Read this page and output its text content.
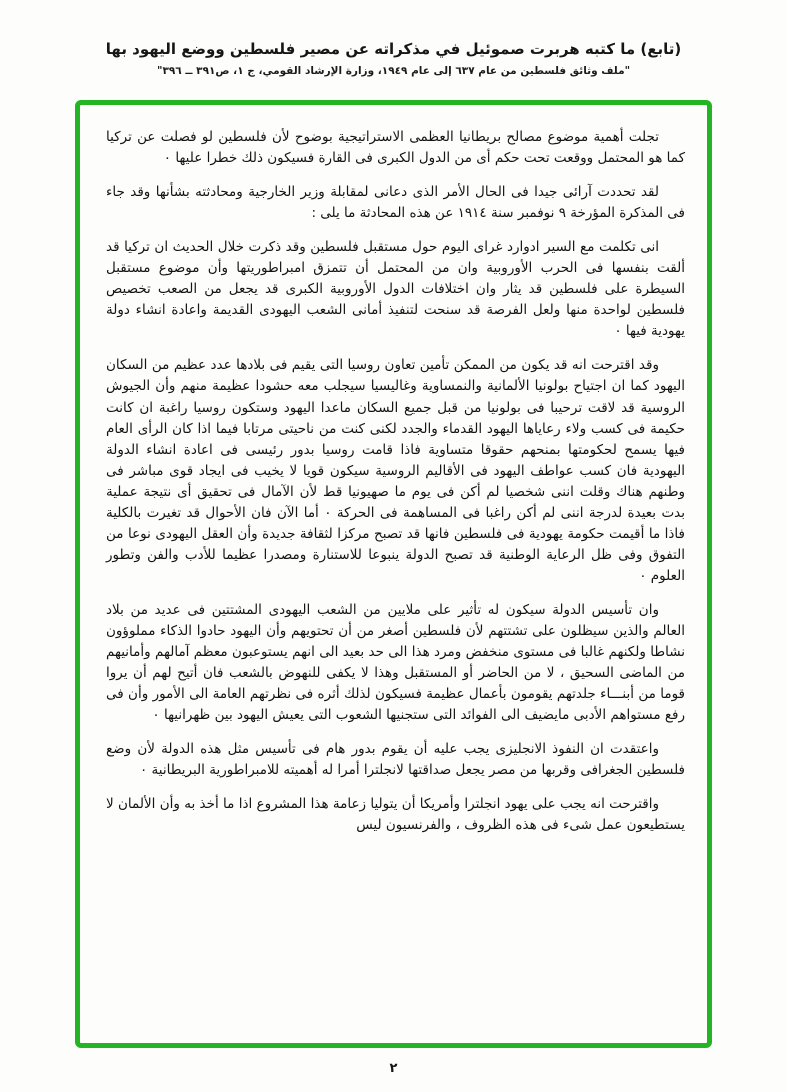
(تابع) ما كتبه هربرت صموئيل في مذكراته عن مصير فلسطين ووضع اليهود بها
"ملف وثائق فلسطين من عام ٦٣٧ إلى عام ١٩٤٩، وزارة الإرشاد القومي، ج ١، ص٣٩١ ــ ٣٩٦"

تجلت أهمية موضوع مصالح بريطانيا العظمى الاستراتيجية بوضوح لأن فلسطين لو فصلت عن تركيا كما هو المحتمل ووقعت تحت حكم أى من الدول الكبرى فى القارة فسيكون ذلك خطرا عليها ٠

لقد تحددت آرائى جيدا فى الحال الأمر الذى دعانى لمقابلة وزير الخارجية ومحادثته بشأنها وقد جاء فى المذكرة المؤرخة ٩ نوفمبر سنة ١٩١٤ عن هذه المحادثة ما يلى :

انى تكلمت مع السير ادوارد غراى اليوم حول مستقبل فلسطين وقد ذكرت خلال الحديث ان تركيا قد ألقت بنفسها فى الحرب الأوروبية وان من المحتمل أن تتمزق امبراطوريتها وأن موضوع مستقبل السيطرة على فلسطين قد يثار وان اختلافات الدول الأوروبية الكبرى قد يجعل من الصعب تخصيص فلسطين لواحدة منها ولعل الفرصة قد سنحت لتنفيذ أمانى الشعب اليهودى القديمة واعادة انشاء دولة يهودية فيها ٠

وقد اقترحت انه قد يكون من الممكن تأمين تعاون روسيا التى يقيم فى بلادها عدد عظيم من السكان اليهود كما ان اجتياح بولونيا الألمانية والنمساوية وغاليسيا سيجلب معه حشودا عظيمة منهم وأن الجيوش الروسية قد لاقت ترحيبا فى بولونيا من قبل جميع السكان ماعدا اليهود وستكون روسيا راغبة ان كانت حكيمة فى كسب ولاء رعاياها اليهود القدماء والجدد لكنى كنت من ناحيتى مرتابا فيما اذا كان الرأى العام فيها يسمح لحكومتها بمنحهم حقوقا متساوية فاذا قامت روسيا بدور رئيسى فى اعادة انشاء الدولة اليهودية فان كسب عواطف اليهود فى الأقاليم الروسية سيكون قويا لا يخيب فى ايجاد قوى مباشر فى وطنهم هناك وقلت اننى شخصيا لم أكن فى يوم ما صهيونيا قط لأن الآمال فى تحقيق أى نتيجة عملية بدت بعيدة لدرجة اننى لم أكن راغبا فى المساهمة فى الحركة ٠ أما الآن فان الأحوال قد تغيرت بالكلية فاذا ما أقيمت حكومة يهودية فى فلسطين فانها قد تصبح مركزا لثقافة جديدة وأن العقل اليهودى نوعا من التفوق وفى ظل الرعاية الوطنية قد تصبح الدولة ينبوعا للاستنارة ومصدرا عظيما للأدب والفن وتطور العلوم ٠

وان تأسيس الدولة سيكون له تأثير على ملايين من الشعب اليهودى المشتتين فى عديد من بلاد العالم والذين سيظلون على تشتتهم لأن فلسطين أصغر من أن تحتويهم وأن اليهود حادوا الذكاء مملوؤون نشاطا ولكنهم غالبا فى مستوى منخفض ومرد هذا الى حد بعيد الى انهم يستوعبون معظم آمالهم وأمانيهم من الماضى السحيق ، لا من الحاضر أو المستقبل وهذا لا يكفى للنهوض بالشعب فان أتيح لهم أن يروا قوما من أبنـــاء جلدتهم يقومون بأعمال عظيمة فسيكون لذلك أثره فى نظرتهم العامة الى الأمور وأن فى رفع مستواهم الأدبى مايضيف الى الفوائد التى ستجنيها الشعوب التى يعيش اليهود بين ظهرانيها ٠

واعتقدت ان النفوذ الانجليزى يجب عليه أن يقوم بدور هام فى تأسيس مثل هذه الدولة لأن وضع فلسطين الجغرافى وقربها من مصر يجعل صداقتها لانجلترا أمرا له أهميته للامبراطورية البريطانية ٠

واقترحت انه يجب على يهود انجلترا وأمريكا أن يتوليا زعامة هذا المشروع اذا ما أخذ به وأن الألمان لا يستطيعون عمل شىء فى هذه الظروف ، والفرنسيون ليس

٢
